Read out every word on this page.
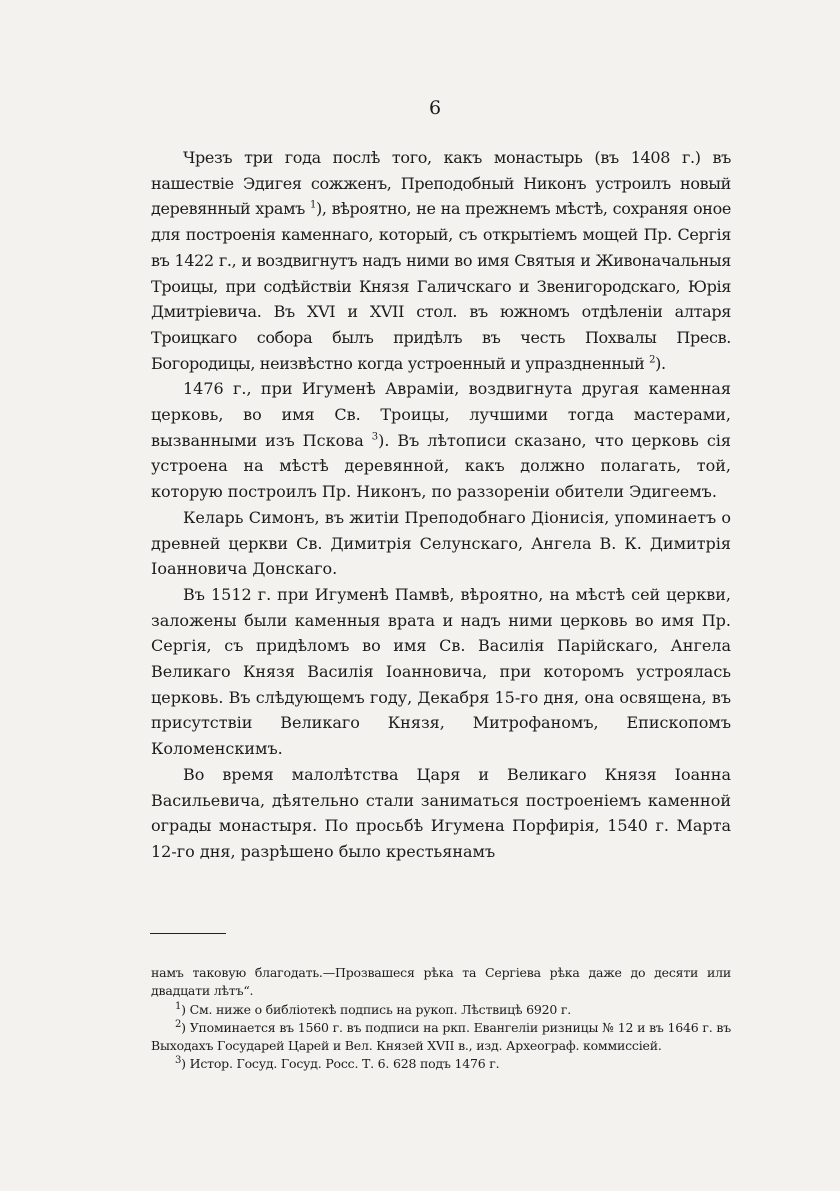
6

Чрезъ три года послѣ того, какъ монастырь (въ 1408 г.) въ нашествіе Эдигея сожженъ, Преподобный Никонъ устроилъ новый деревянный храмъ $^1$), вѣроятно, не на прежнемъ мѣстѣ, сохраняя оное для построенія каменнаго, который, съ открытіемъ мощей Пр. Сергія въ 1422 г., и воздвигнутъ надъ ними во имя Святыя и Живоначальныя Троицы, при содѣйствіи Князя Галичскаго и Звенигородскаго, Юрія Дмитріевича. Въ XVI и XVII стол. въ южномъ отдѣленіи алтаря Троицкаго собора былъ придѣлъ въ честь Похвалы Пресв. Богородицы, неизвѣстно когда устроенный и упраздненный $^2$).

1476 г., при Игуменѣ Авраміи, воздвигнута другая каменная церковь, во имя Св. Троицы, лучшими тогда мастерами, вызванными изъ Пскова $^3$). Въ лѣтописи сказано, что церковь сія устроена на мѣстѣ деревянной, какъ должно полагать, той, которую построилъ Пр. Никонъ, по раззореніи обители Эдигеемъ.

Келарь Симонъ, въ житіи Преподобнаго Діонисія, упоминаетъ о древней церкви Св. Димитрія Селунскаго, Ангела В. К. Димитрія Іоанновича Донскаго.

Въ 1512 г. при Игуменѣ Памвѣ, вѣроятно, на мѣстѣ сей церкви, заложены были каменныя врата и надъ ними церковь во имя Пр. Сергія, съ придѣломъ во имя Св. Василія Парійскаго, Ангела Великаго Князя Василія Іоанновича, при которомъ устроялась церковь. Въ слѣдующемъ году, Декабря 15-го дня, она освящена, въ присутствіи Великаго Князя, Митрофаномъ, Епископомъ Коломенскимъ.

Во время малолѣтства Царя и Великаго Князя Іоанна Васильевича, дѣятельно стали заниматься построеніемъ каменной ограды монастыря. По просьбѣ Игумена Порфирія, 1540 г. Марта 12-го дня, разрѣшено было крестьянамъ

намъ таковую благодать.—Прозвашеся рѣка та Сергіева рѣка даже до десяти или двадцати лѣтъ“.

$^1$) См. ниже о библіотекѣ подпись на рукоп. Лѣствицѣ 6920 г.

$^2$) Упоминается въ 1560 г. въ подписи на ркп. Евангеліи ризницы № 12 и въ 1646 г. въ Выходахъ Государей Царей и Вел. Князей XVII в., изд. Археограф. коммиссіей.

$^3$) Истор. Госуд. Госуд. Росс. Т. 6. 628 подъ 1476 г.
